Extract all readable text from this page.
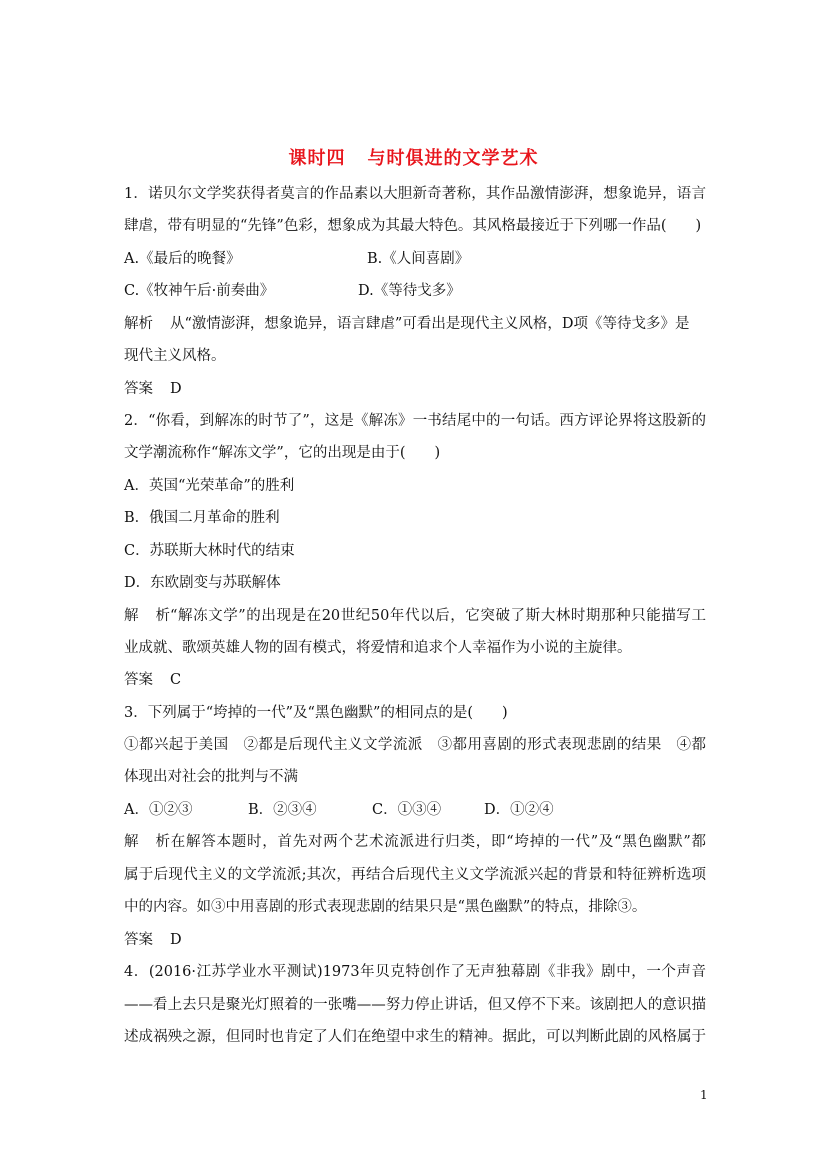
课时四 与时俱进的文学艺术
1．诺贝尔文学奖获得者莫言的作品素以大胆新奇著称，其作品激情澎湃，想象诡异，语言
肆虐，带有明显的“先锋”色彩，想象成为其最大特色。其风格最接近于下列哪一作品(　　)
A.《最后的晚餐》	B.《人间喜剧》
C.《牧神午后·前奏曲》	D.《等待戈多》
解析 从“激情澎湃，想象诡异，语言肆虐”可看出是现代主义风格，D项《等待戈多》是
现代主义风格。
答案 D
2．“你看，到解冻的时节了”，这是《解冻》一书结尾中的一句话。西方评论界将这股新的
文学潮流称作“解冻文学”，它的出现是由于(　　)
A．英国“光荣革命”的胜利
B．俄国二月革命的胜利
C．苏联斯大林时代的结束
D．东欧剧变与苏联解体
解析“解冻文学”的出现是在20世纪50年代以后，它突破了斯大林时期那种只能描写工
业成就、歌颂英雄人物的固有模式，将爱情和追求个人幸福作为小说的主旋律。
答案 C
3．下列属于“垮掉的一代”及“黑色幽默”的相同点的是(　　)
①都兴起于美国　②都是后现代主义文学流派　③都用喜剧的形式表现悲剧的结果　④都
体现出对社会的批判与不满
A．①②③	B．②③④	C．①③④	D．①②④
解析在解答本题时，首先对两个艺术流派进行归类，即“垮掉的一代”及“黑色幽默”都
属于后现代主义的文学流派;其次，再结合后现代主义文学流派兴起的背景和特征辨析选项
中的内容。如③中用喜剧的形式表现悲剧的结果只是“黑色幽默”的特点，排除③。
答案 D
4．(2016·江苏学业水平测试)1973年贝克特创作了无声独幕剧《非我》剧中，一个声音
——看上去只是聚光灯照着的一张嘴——努力停止讲话，但又停不下来。该剧把人的意识描
述成祸殃之源，但同时也肯定了人们在绝望中求生的精神。据此，可以判断此剧的风格属于
1
